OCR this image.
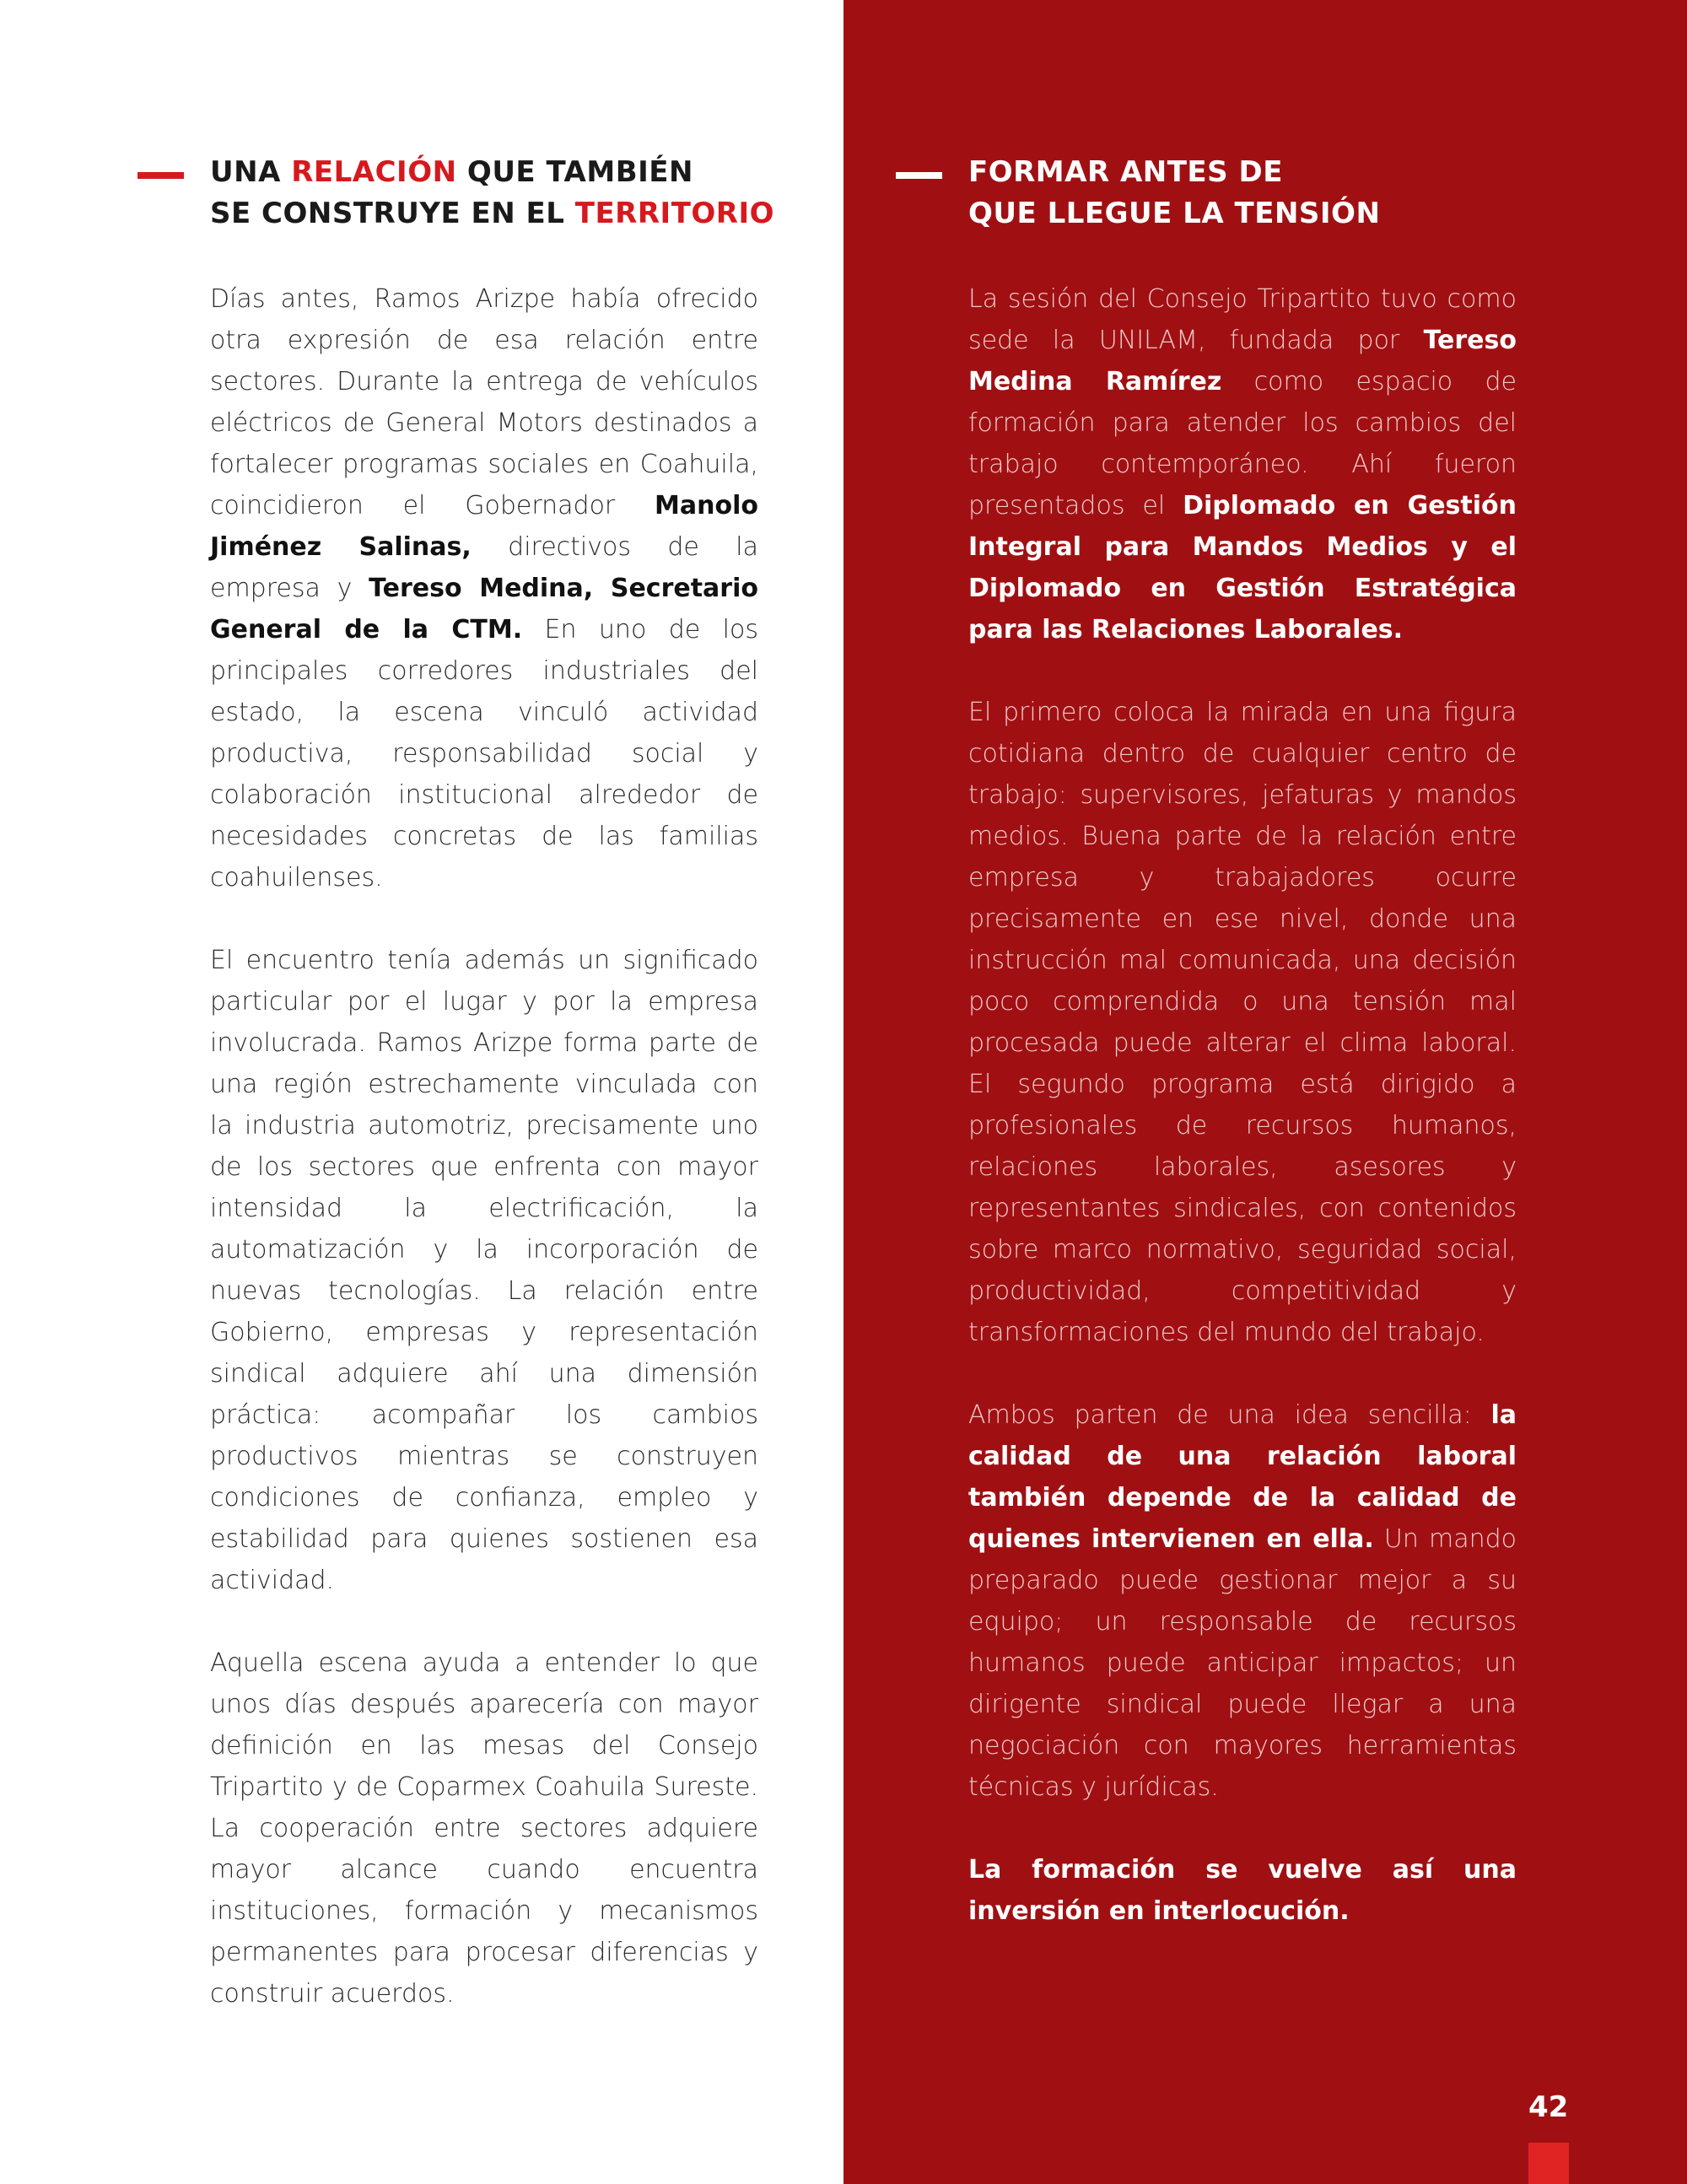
UNA RELACIÓN QUE TAMBIÉN
SE CONSTRUYE EN EL TERRITORIO

Días antes, Ramos Arizpe había ofrecido otra expresión de esa relación entre sectores. Durante la entrega de vehículos eléctricos de General Motors destinados a fortalecer programas sociales en Coahuila, coincidieron el Gobernador Manolo Jiménez Salinas, directivos de la empresa y Tereso Medina, Secretario General de la CTM. En uno de los principales corredores industriales del estado, la escena vinculó actividad productiva, responsabilidad social y colaboración institucional alrededor de necesidades concretas de las familias coahuilenses.

El encuentro tenía además un significado particular por el lugar y por la empresa involucrada. Ramos Arizpe forma parte de una región estrechamente vinculada con la industria automotriz, precisamente uno de los sectores que enfrenta con mayor intensidad la electrificación, la automatización y la incorporación de nuevas tecnologías. La relación entre Gobierno, empresas y representación sindical adquiere ahí una dimensión práctica: acompañar los cambios productivos mientras se construyen condiciones de confianza, empleo y estabilidad para quienes sostienen esa actividad.

Aquella escena ayuda a entender lo que unos días después aparecería con mayor definición en las mesas del Consejo Tripartito y de Coparmex Coahuila Sureste. La cooperación entre sectores adquiere mayor alcance cuando encuentra instituciones, formación y mecanismos permanentes para procesar diferencias y construir acuerdos.

FORMAR ANTES DE
QUE LLEGUE LA TENSIÓN

La sesión del Consejo Tripartito tuvo como sede la UNILAM, fundada por Tereso Medina Ramírez como espacio de formación para atender los cambios del trabajo contemporáneo. Ahí fueron presentados el Diplomado en Gestión Integral para Mandos Medios y el Diplomado en Gestión Estratégica para las Relaciones Laborales.

El primero coloca la mirada en una figura cotidiana dentro de cualquier centro de trabajo: supervisores, jefaturas y mandos medios. Buena parte de la relación entre empresa y trabajadores ocurre precisamente en ese nivel, donde una instrucción mal comunicada, una decisión poco comprendida o una tensión mal procesada puede alterar el clima laboral. El segundo programa está dirigido a profesionales de recursos humanos, relaciones laborales, asesores y representantes sindicales, con contenidos sobre marco normativo, seguridad social, productividad, competitividad y transformaciones del mundo del trabajo.

Ambos parten de una idea sencilla: la calidad de una relación laboral también depende de la calidad de quienes intervienen en ella. Un mando preparado puede gestionar mejor a su equipo; un responsable de recursos humanos puede anticipar impactos; un dirigente sindical puede llegar a una negociación con mayores herramientas técnicas y jurídicas.

La formación se vuelve así una inversión en interlocución.

42
